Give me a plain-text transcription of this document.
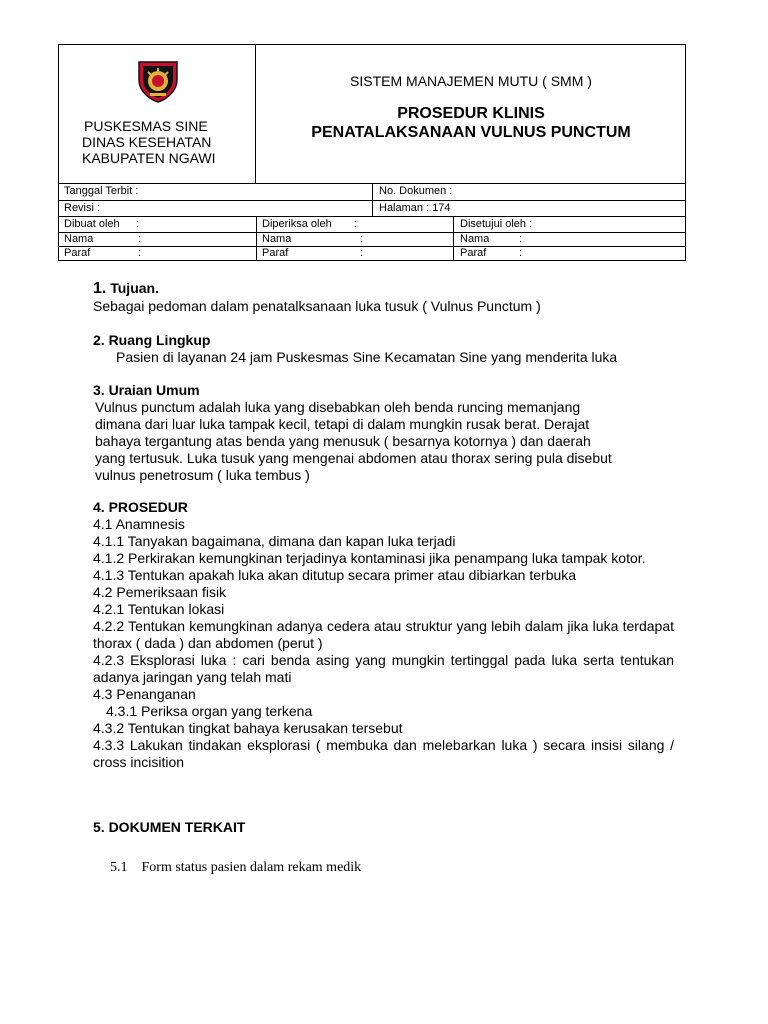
PUSKESMAS SINE
DINAS KESEHATAN
KABUPATEN NGAWI
SISTEM MANAJEMEN MUTU ( SMM )
PROSEDUR KLINIS
PENATALAKSANAAN VULNUS PUNCTUM
Tanggal Terbit :	No. Dokumen :
Revisi :	Halaman : 174
Dibuat oleh :	Diperiksa oleh :	Disetujui oleh :
Nama	:	Nama	:	Nama	:
Paraf	:	Paraf	:	Paraf	:
1. Tujuan.
Sebagai pedoman dalam penatalksanaan luka tusuk ( Vulnus Punctum )
2. Ruang Lingkup
Pasien di layanan 24 jam Puskesmas Sine Kecamatan Sine yang menderita luka
3. Uraian Umum
Vulnus punctum adalah luka yang disebabkan oleh benda runcing memanjang
dimana dari luar luka tampak kecil, tetapi di dalam mungkin rusak berat. Derajat
bahaya tergantung atas benda yang menusuk ( besarnya kotornya ) dan daerah
yang tertusuk. Luka tusuk yang mengenai abdomen atau thorax sering pula disebut
vulnus penetrosum ( luka tembus )
4. PROSEDUR
4.1 Anamnesis
4.1.1 Tanyakan bagaimana, dimana dan kapan luka terjadi
4.1.2 Perkirakan kemungkinan terjadinya kontaminasi jika penampang luka tampak kotor.
4.1.3 Tentukan apakah luka akan ditutup secara primer atau dibiarkan terbuka
4.2 Pemeriksaan fisik
4.2.1 Tentukan lokasi
4.2.2 Tentukan kemungkinan adanya cedera atau struktur yang lebih dalam jika luka terdapat thorax ( dada ) dan abdomen (perut )
4.2.3 Eksplorasi luka : cari benda asing yang mungkin tertinggal pada luka serta tentukan adanya jaringan yang telah mati
4.3 Penanganan
4.3.1 Periksa organ yang terkena
4.3.2 Tentukan tingkat bahaya kerusakan tersebut
4.3.3 Lakukan tindakan eksplorasi ( membuka dan melebarkan luka ) secara insisi silang / cross incisition
5. DOKUMEN TERKAIT
5.1    Form status pasien dalam rekam medik
